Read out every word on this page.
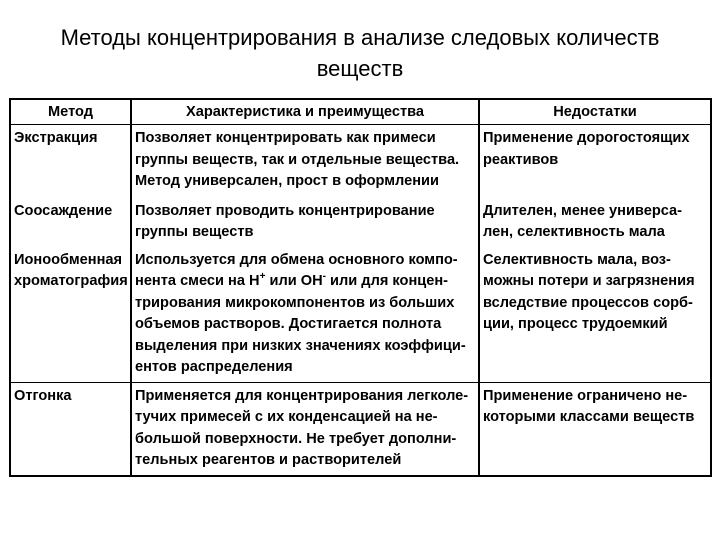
Методы концентрирования в анализе следовых количеств
веществ
Метод	Характеристика и преимущества	Недостатки
Экстракция	Позволяет концентрировать как примеси группы веществ, так и отдельные вещества. Метод универсален, прост в оформлении	Применение дорогостоящих реактивов
Соосаждение	Позволяет проводить концентрирование группы веществ	Длителен, менее универса-лен, селективность мала
Ионообменная хроматография	Используется для обмена основного компо-нента смеси на H+ или OH- или для концен-трирования микрокомпонентов из больших объемов растворов. Достигается полнота выделения при низких значениях коэффици-ентов распределения	Селективность мала, воз-можны потери и загрязнения вследствие процессов сорб-ции, процесс трудоемкий
Отгонка	Применяется для концентрирования легколе-тучих примесей с их конденсацией на не-большой поверхности. Не требует дополни-тельных реагентов и растворителей	Применение ограничено не-которыми классами веществ
